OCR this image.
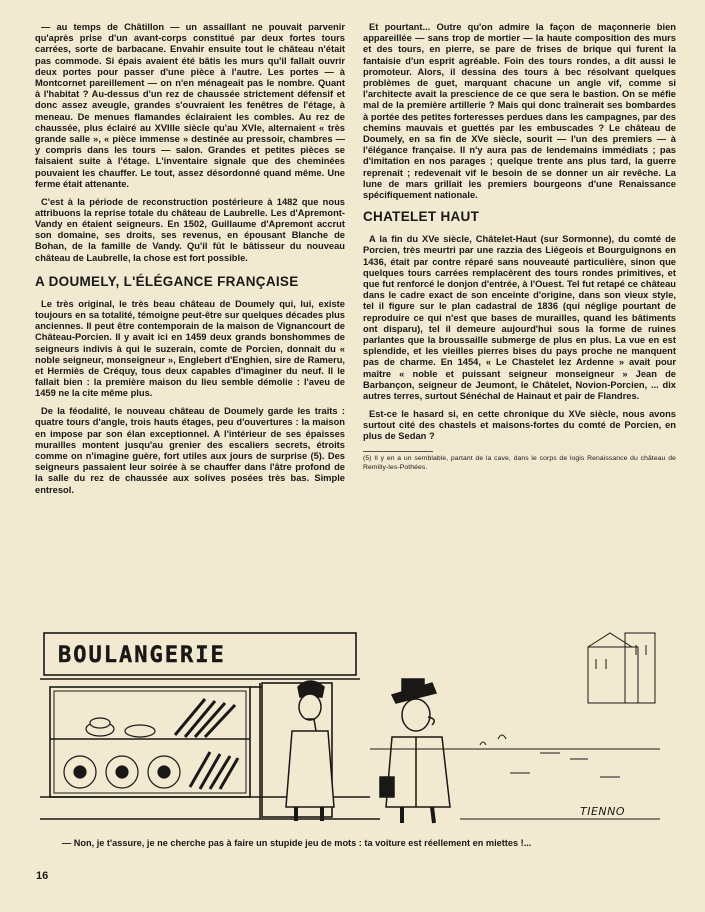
— au temps de Châtillon — un assaillant ne pouvait parvenir qu'après prise d'un avant-corps constitué par deux fortes tours carrées, sorte de barbacane. Envahir ensuite tout le château n'était pas commode. Si épais avaient été bâtis les murs qu'il fallait ouvrir deux portes pour passer d'une pièce à l'autre. Les portes — à Montcornet pareillement — on n'en ménageait pas le nombre. Quant à l'habitat ? Au-dessus d'un rez de chaussée strictement défensif et donc assez aveugle, grandes s'ouvraient les fenêtres de l'étage, à meneau. De menues flamandes éclairaient les combles. Au rez de chaussée, plus éclairé au XVIIIe siècle qu'au XVIe, alternaient « très grande salle », « pièce immense » destinée au pressoir, chambres — y compris dans les tours — salon. Grandes et petites pièces se faisaient suite à l'étage. L'inventaire signale que des cheminées pouvaient les chauffer. Le tout, assez désordonné quand même. Une ferme était attenante.

C'est à la période de reconstruction postérieure à 1482 que nous attribuons la reprise totale du château de Laubrelle. Les d'Apremont-Vandy en étaient seigneurs. En 1502, Guillaume d'Apremont accrut son domaine, ses droits, ses revenus, en épousant Blanche de Bohan, de la famille de Vandy. Qu'il fût le bâtisseur du nouveau château de Laubrelle, la chose est fort possible.

A DOUMELY, L'ÉLÉGANCE FRANÇAISE

Le très original, le très beau château de Doumely qui, lui, existe toujours en sa totalité, témoigne peut-être sur quelques décades plus anciennes. Il peut être contemporain de la maison de Vignancourt de Château-Porcien. Il y avait ici en 1459 deux grands bonshommes de seigneurs indivis à qui le suzerain, comte de Porcien, donnait du « noble seigneur, monseigneur », Englebert d'Enghien, sire de Rameru, et Hermiès de Créquy, tous deux capables d'imaginer du neuf. Il le fallait bien : la première maison du lieu semble démolie : l'aveu de 1459 ne la cite même plus.

De la féodalité, le nouveau château de Doumely garde les traits : quatre tours d'angle, trois hauts étages, peu d'ouvertures : la maison en impose par son élan exceptionnel. A l'intérieur de ses épaisses murailles montent jusqu'au grenier des escaliers secrets, étroits comme on n'imagine guère, fort utiles aux jours de surprise (5). Des seigneurs passaient leur soirée à se chauffer dans l'âtre profond de la salle du rez de chaussée aux solives posées très bas. Simple entresol.

Et pourtant... Outre qu'on admire la façon de maçonnerie bien appareillée — sans trop de mortier — la haute composition des murs et des tours, en pierre, se pare de frises de brique qui furent la fantaisie d'un esprit agréable. Foin des tours rondes, a dit aussi le promoteur. Alors, il dessina des tours à bec résolvant quelques problèmes de guet, marquant chacune un angle vif, comme si l'architecte avait la prescience de ce que sera le bastion. On se méfie mal de la première artillerie ? Mais qui donc traînerait ses bombardes à portée des petites forteresses perdues dans les campagnes, par des chemins mauvais et guettés par les embuscades ? Le château de Doumely, en sa fin de XVe siècle, sourit — l'un des premiers — à l'élégance française. Il n'y aura pas de lendemains immédiats ; pas d'imitation en nos parages ; quelque trente ans plus tard, la guerre reprenait ; redevenait vif le besoin de se donner un air revêche. La lune de mars grillait les premiers bourgeons d'une Renaissance spécifiquement nationale.

CHATELET HAUT

A la fin du XVe siècle, Châtelet-Haut (sur Sormonne), du comté de Porcien, très meurtri par une razzia des Liégeois et Bourguignons en 1436, était par contre réparé sans nouveauté particulière, sinon que quelques tours carrées remplacèrent des tours rondes primitives, et que fut renforcé le donjon d'entrée, à l'Ouest. Tel fut retapé ce château dans le cadre exact de son enceinte d'origine, dans son vieux style, tel il figure sur le plan cadastral de 1836 (qui néglige pourtant de reproduire ce qui n'est que bases de murailles, quand les bâtiments ont disparu), tel il demeure aujourd'hui sous la forme de ruines parlantes que la broussaille submerge de plus en plus. La vue en est splendide, et les vieilles pierres bises du pays proche ne manquent pas de charme. En 1454, « Le Chastelet lez Ardenne » avait pour maître « noble et puissant seigneur monseigneur » Jean de Barbançon, seigneur de Jeumont, le Châtelet, Novion-Porcien, ... dix autres terres, surtout Sénéchal de Hainaut et pair de Flandres.

Est-ce le hasard si, en cette chronique du XVe siècle, nous avons surtout cité des chastels et maisons-fortes du comté de Porcien, en plus de Sedan ?

(5) Il y en a un semblable, partant de la cave, dans le corps de logis Renaissance du château de Remilly-les-Pothées.
BOULANGERIE
TIENNO
— Non, je t'assure, je ne cherche pas à faire un stupide jeu de mots : ta voiture est réellement en miettes !...
16
